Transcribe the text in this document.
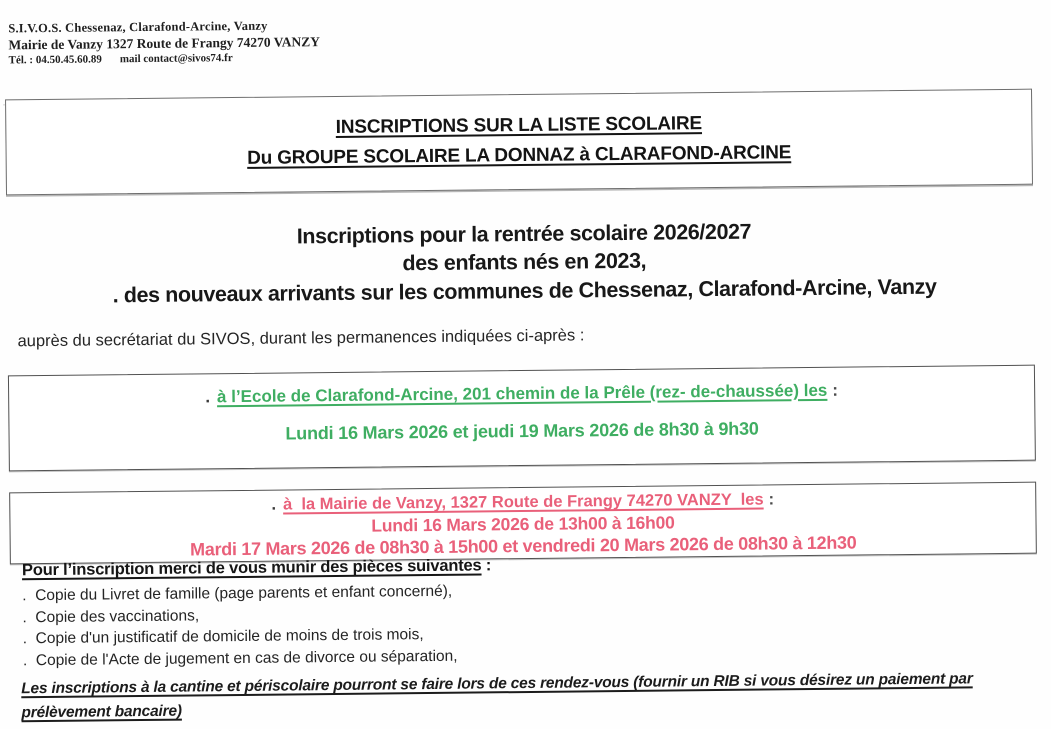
S.I.V.O.S. Chessenaz, Clarafond-Arcine, Vanzy
Mairie de Vanzy 1327 Route de Frangy 74270 VANZY
Tél. : 04.50.45.60.89 mail contact@sivos74.fr
INSCRIPTIONS SUR LA LISTE SCOLAIRE
Du GROUPE SCOLAIRE LA DONNAZ à CLARAFOND-ARCINE
Inscriptions pour la rentrée scolaire 2026/2027
des enfants nés en 2023,
. des nouveaux arrivants sur les communes de Chessenaz, Clarafond-Arcine, Vanzy

auprès du secrétariat du SIVOS, durant les permanences indiquées ci-après :

. à l’Ecole de Clarafond-Arcine, 201 chemin de la Prêle (rez- de-chaussée) les :
Lundi 16 Mars 2026 et jeudi 19 Mars 2026 de 8h30 à 9h30
. à  la Mairie de Vanzy, 1327 Route de Frangy 74270 VANZY  les :
Lundi 16 Mars 2026 de 13h00 à 16h00
Mardi 17 Mars 2026 de 08h30 à 15h00 et vendredi 20 Mars 2026 de 08h30 à 12h30
Pour l’inscription merci de vous munir des pièces suivantes :
.  Copie du Livret de famille (page parents et enfant concerné),
.  Copie des vaccinations,
.  Copie d'un justificatif de domicile de moins de trois mois,
.  Copie de l'Acte de jugement en cas de divorce ou séparation,

Les inscriptions à la cantine et périscolaire pourront se faire lors de ces rendez-vous (fournir un RIB si vous désirez un paiement par prélèvement bancaire)
